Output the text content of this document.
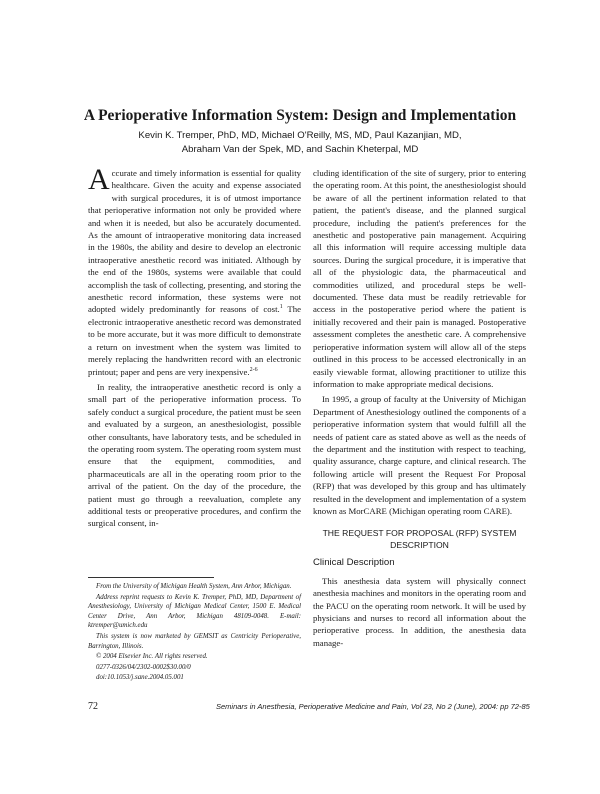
A Perioperative Information System: Design and Implementation
Kevin K. Tremper, PhD, MD, Michael O'Reilly, MS, MD, Paul Kazanjian, MD,
Abraham Van der Spek, MD, and Sachin Kheterpal, MD

Accurate and timely information is essential for quality healthcare. Given the acuity and expense associated with surgical procedures, it is of utmost importance that perioperative information not only be provided where and when it is needed, but also be accurately documented. As the amount of intraoperative monitoring data increased in the 1980s, the ability and desire to develop an electronic intraoperative anesthetic record was initiated. Although by the end of the 1980s, systems were available that could accomplish the task of collecting, presenting, and storing the anesthetic record information, these systems were not adopted widely predominantly for reasons of cost.$^1$ The electronic intraoperative anesthetic record was demonstrated to be more accurate, but it was more difficult to demonstrate a return on investment when the system was limited to merely replacing the handwritten record with an electronic printout; paper and pens are very inexpensive.$^{2-6}$

In reality, the intraoperative anesthetic record is only a small part of the perioperative information process. To safely conduct a surgical procedure, the patient must be seen and evaluated by a surgeon, an anesthesiologist, possible other consultants, have laboratory tests, and be scheduled in the operating room system. The operating room system must ensure that the equipment, commodities, and pharmaceuticals are all in the operating room prior to the arrival of the patient. On the day of the procedure, the patient must go through a reevaluation, complete any additional tests or preoperative procedures, and confirm the surgical consent, in-

From the University of Michigan Health System, Ann Arbor, Michigan.

Address reprint requests to Kevin K. Tremper, PhD, MD, Department of Anesthesiology, University of Michigan Medical Center, 1500 E. Medical Center Drive, Ann Arbor, Michigan 48109-0048. E-mail: ktremper@umich.edu

This system is now marketed by GEMSIT as Centricity Perioperative, Barrington, Illinois.

© 2004 Elsevier Inc. All rights reserved.

0277-0326/04/2302-0002$30.00/0

doi:10.1053/j.sane.2004.05.001

cluding identification of the site of surgery, prior to entering the operating room. At this point, the anesthesiologist should be aware of all the pertinent information related to that patient, the patient's disease, and the planned surgical procedure, including the patient's preferences for the anesthetic and postoperative pain management. Acquiring all this information will require accessing multiple data sources. During the surgical procedure, it is imperative that all of the physiologic data, the pharmaceutical and commodities utilized, and procedural steps be well-documented. These data must be readily retrievable for access in the postoperative period where the patient is initially recovered and their pain is managed. Postoperative assessment completes the anesthetic care. A comprehensive perioperative information system will allow all of the steps outlined in this process to be accessed electronically in an easily viewable format, allowing practitioner to utilize this information to make appropriate medical decisions.

In 1995, a group of faculty at the University of Michigan Department of Anesthesiology outlined the components of a perioperative information system that would fulfill all the needs of patient care as stated above as well as the needs of the department and the institution with respect to teaching, quality assurance, charge capture, and clinical research. The following article will present the Request For Proposal (RFP) that was developed by this group and has ultimately resulted in the development and implementation of a system known as MorCARE (Michigan operating room CARE).

THE REQUEST FOR PROPOSAL (RFP) SYSTEM
DESCRIPTION
Clinical Description

This anesthesia data system will physically connect anesthesia machines and monitors in the operating room and the PACU on the operating room network. It will be used by physicians and nurses to record all information about the perioperative process. In addition, the anesthesia data manage-

72	Seminars in Anesthesia, Perioperative Medicine and Pain, Vol 23, No 2 (June), 2004: pp 72-85
